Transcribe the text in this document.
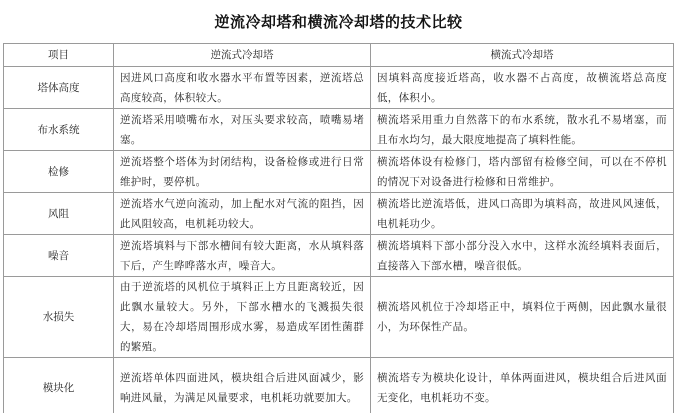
逆流冷却塔和横流冷却塔的技术比较
项目	逆流式冷却塔	横流式冷却塔
塔体高度	因进风口高度和收水器水平布置等因素，逆流塔总高度较高，体积较大。	因填料高度接近塔高，收水器不占高度，故横流塔总高度低，体积小。
布水系统	逆流塔采用喷嘴布水，对压头要求较高，喷嘴易堵塞。	横流塔采用重力自然落下的布水系统，散水孔不易堵塞，而且布水均匀，最大限度地提高了填料性能。
检修	逆流塔整个塔体为封闭结构，设备检修或进行日常维护时，要停机。	横流塔体设有检修门，塔内部留有检修空间，可以在不停机的情况下对设备进行检修和日常维护。
风阻	逆流塔水气逆向流动，加上配水对气流的阻挡，因此风阻较高，电机耗功较大。	横流塔比逆流塔低，进风口高即为填料高，故进风风速低，电机耗功少。
噪音	逆流塔填料与下部水槽间有较大距离，水从填料落下后，产生哗哗落水声，噪音大。	横流塔填料下部小部分没入水中，这样水流经填料表面后，直接落入下部水槽，噪音很低。
水损失	由于逆流塔的风机位于填料正上方且距离较近，因此飘水量较大。另外，下部水槽水的飞溅损失很大，易在冷却塔周围形成水雾，易造成军团性菌群的繁殖。	横流塔风机位于冷却塔正中，填料位于两侧，因此飘水量很小，为环保性产品。
模块化	逆流塔单体四面进风，模块组合后进风面减少，影响进风量，为满足风量要求，电机耗功就要加大。	横流塔专为模块化设计，单体两面进风，模块组合后进风面无变化，电机耗功不变。
